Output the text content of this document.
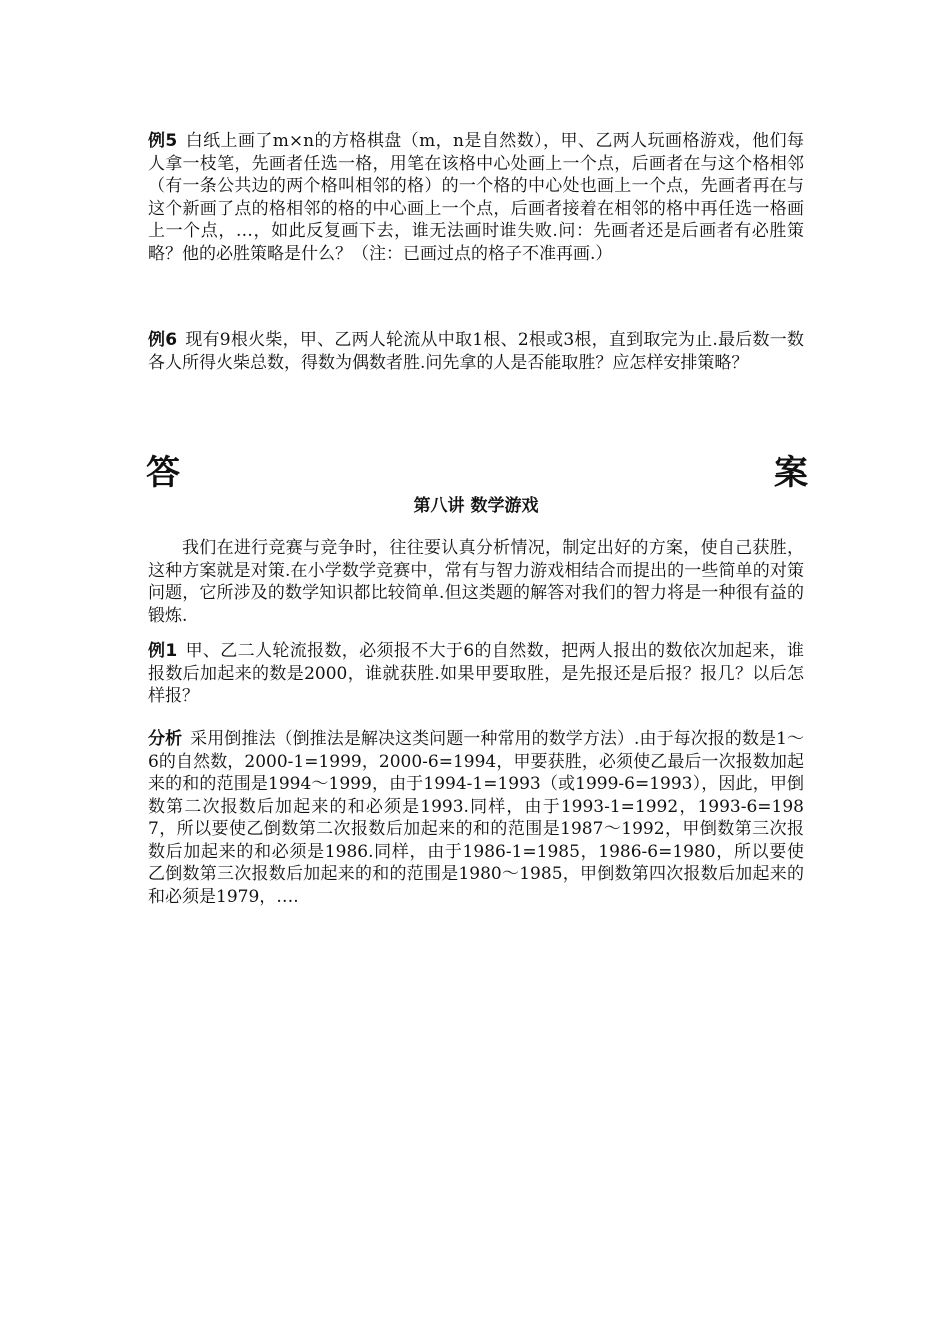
例5 白纸上画了m×n的方格棋盘（m，n是自然数），甲、乙两人玩画格游戏，他们每人拿一枝笔，先画者任选一格，用笔在该格中心处画上一个点，后画者在与这个格相邻（有一条公共边的两个格叫相邻的格）的一个格的中心处也画上一个点，先画者再在与这个新画了点的格相邻的格的中心画上一个点，后画者接着在相邻的格中再任选一格画上一个点，…，如此反复画下去，谁无法画时谁失败.问：先画者还是后画者有必胜策略？他的必胜策略是什么？（注：已画过点的格子不准再画.）
例6 现有9根火柴，甲、乙两人轮流从中取1根、2根或3根，直到取完为止.最后数一数各人所得火柴总数，得数为偶数者胜.问先拿的人是否能取胜？应怎样安排策略？
答	案
第八讲 数学游戏
我们在进行竞赛与竞争时，往往要认真分析情况，制定出好的方案，使自己获胜，这种方案就是对策.在小学数学竞赛中，常有与智力游戏相结合而提出的一些简单的对策问题，它所涉及的数学知识都比较简单.但这类题的解答对我们的智力将是一种很有益的锻炼.
例1 甲、乙二人轮流报数，必须报不大于6的自然数，把两人报出的数依次加起来，谁报数后加起来的数是2000，谁就获胜.如果甲要取胜，是先报还是后报？报几？以后怎样报？
分析 采用倒推法（倒推法是解决这类问题一种常用的数学方法）.由于每次报的数是1～6的自然数，2000-1=1999，2000-6=1994，甲要获胜，必须使乙最后一次报数加起来的和的范围是1994～1999，由于1994-1=1993（或1999-6=1993），因此，甲倒数第二次报数后加起来的和必须是1993.同样，由于1993-1=1992，1993-6=1987，所以要使乙倒数第二次报数后加起来的和的范围是1987～1992，甲倒数第三次报数后加起来的和必须是1986.同样，由于1986-1=1985，1986-6=1980，所以要使乙倒数第三次报数后加起来的和的范围是1980～1985，甲倒数第四次报数后加起来的和必须是1979，….
